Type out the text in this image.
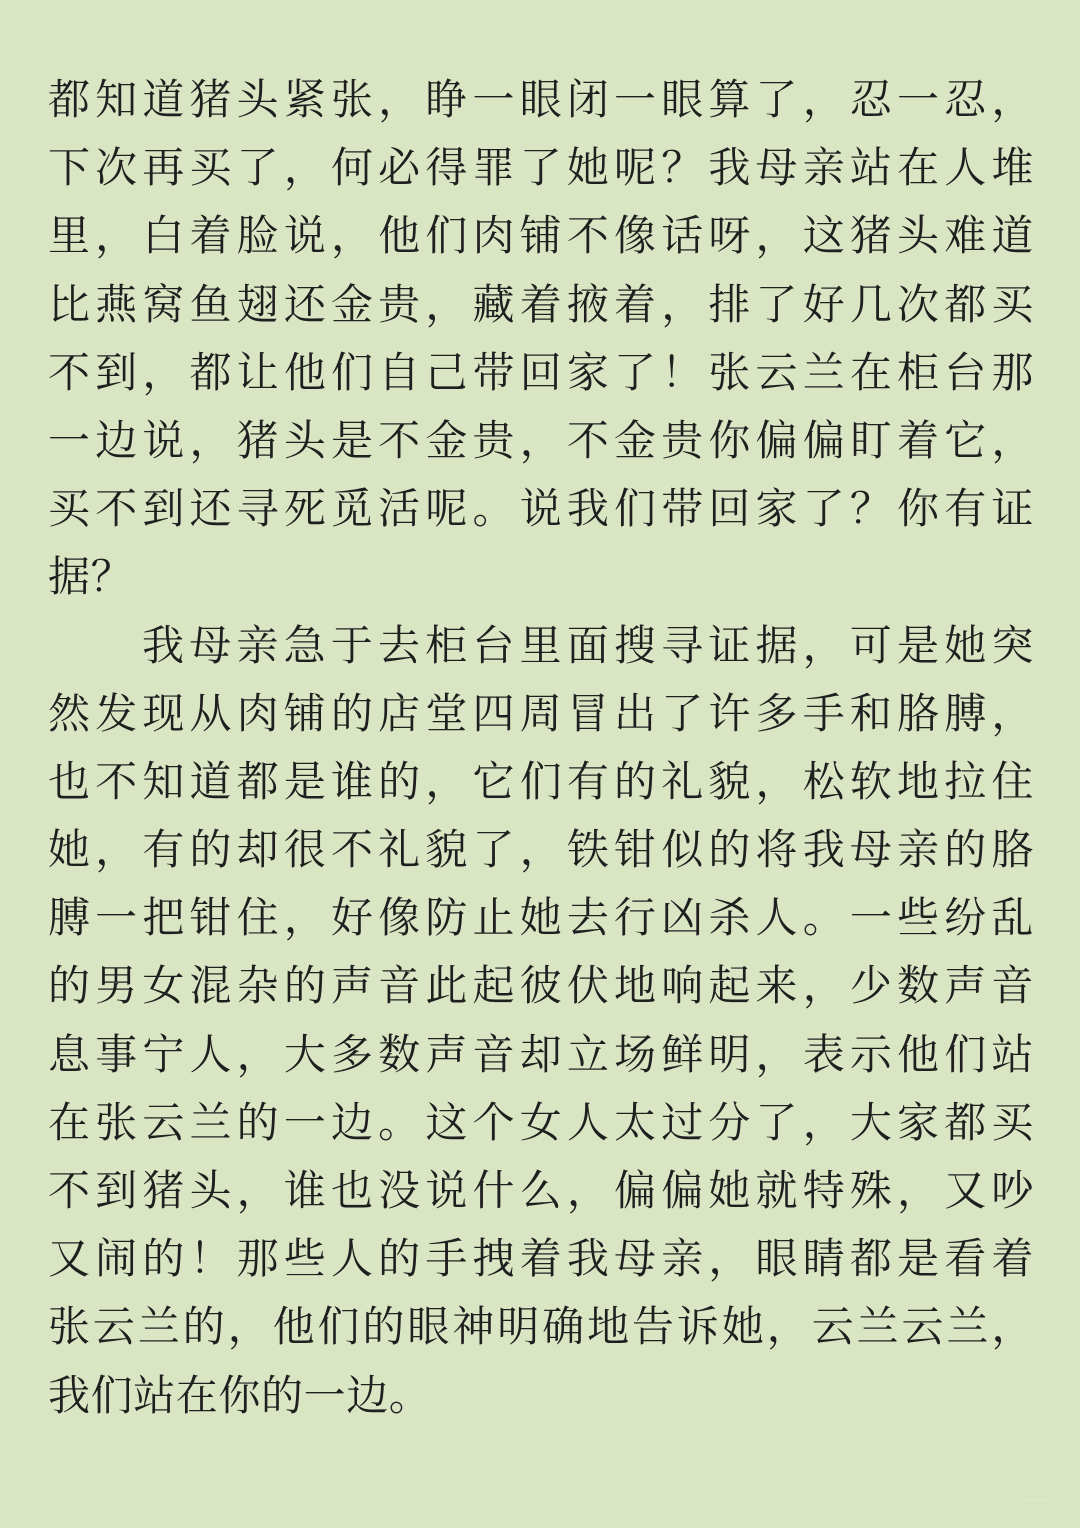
都知道猪头紧张，睁一眼闭一眼算了，忍一忍，
下次再买了，何必得罪了她呢？我母亲站在人堆
里，白着脸说，他们肉铺不像话呀，这猪头难道
比燕窝鱼翅还金贵，藏着掖着，排了好几次都买
不到，都让他们自己带回家了！张云兰在柜台那
一边说，猪头是不金贵，不金贵你偏偏盯着它，
买不到还寻死觅活呢。说我们带回家了？你有证
据？
我母亲急于去柜台里面搜寻证据，可是她突
然发现从肉铺的店堂四周冒出了许多手和胳膊，
也不知道都是谁的，它们有的礼貌，松软地拉住
她，有的却很不礼貌了，铁钳似的将我母亲的胳
膊一把钳住，好像防止她去行凶杀人。一些纷乱
的男女混杂的声音此起彼伏地响起来，少数声音
息事宁人，大多数声音却立场鲜明，表示他们站
在张云兰的一边。这个女人太过分了，大家都买
不到猪头，谁也没说什么，偏偏她就特殊，又吵
又闹的！那些人的手拽着我母亲，眼睛都是看着
张云兰的，他们的眼神明确地告诉她，云兰云兰，
我们站在你的一边。
